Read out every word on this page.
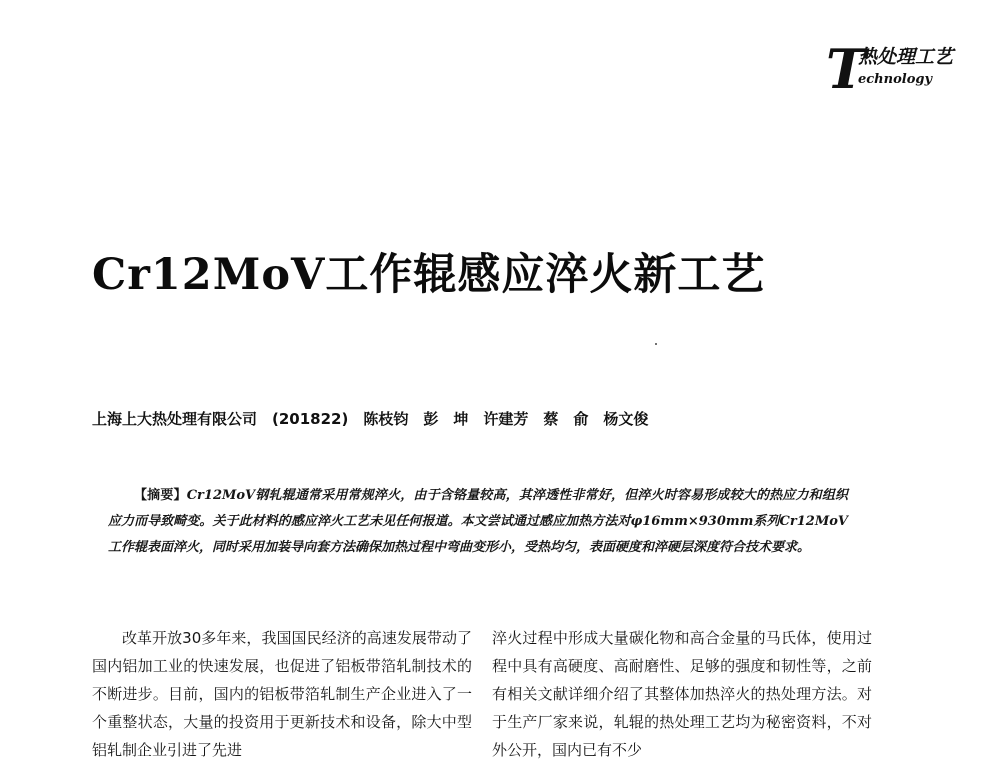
T
热处理工艺
echnology
Cr12MoV工作辊感应淬火新工艺
上海上大热处理有限公司　(201822)　陈枝钧　彭　坤　许建芳　蔡　俞　杨文俊

【摘要】Cr12MoV钢轧辊通常采用常规淬火，由于含铬量较高，其淬透性非常好，但淬火时容易形成较大的热应力和组织应力而导致畸变。关于此材料的感应淬火工艺未见任何报道。本文尝试通过感应加热方法对φ16mm×930mm系列Cr12MoV工作辊表面淬火，同时采用加装导向套方法确保加热过程中弯曲变形小，受热均匀，表面硬度和淬硬层深度符合技术要求。

改革开放30多年来，我国国民经济的高速发展带动了国内铝加工业的快速发展，也促进了铝板带箔轧制技术的不断进步。目前，国内的铝板带箔轧制生产企业进入了一个重整状态，大量的投资用于更新技术和设备，除大中型铝轧制企业引进了先进

淬火过程中形成大量碳化物和高合金量的马氏体，使用过程中具有高硬度、高耐磨性、足够的强度和韧性等，之前有相关文献详细介绍了其整体加热淬火的热处理方法。对于生产厂家来说，轧辊的热处理工艺均为秘密资料，不对外公开，国内已有不少
